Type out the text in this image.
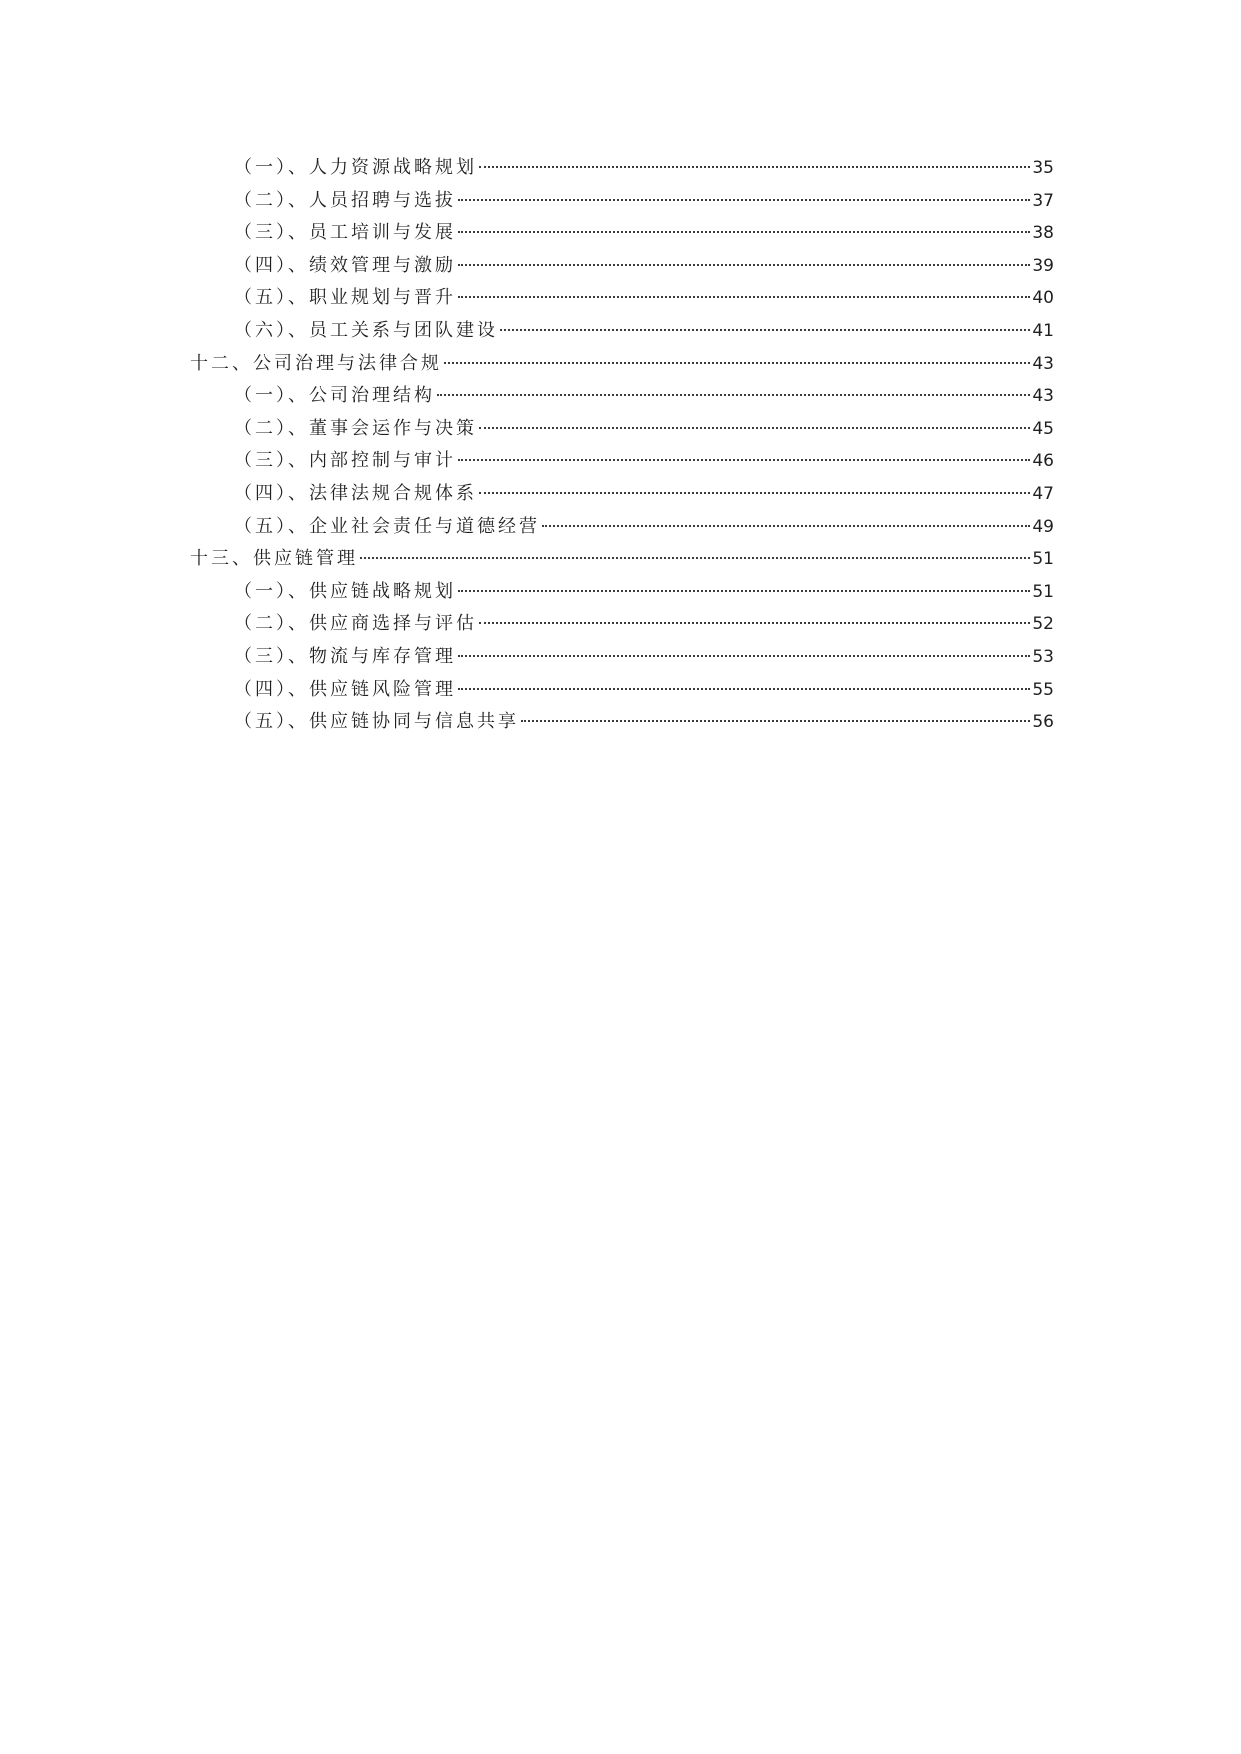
（一）、人力资源战略规划	35
（二）、人员招聘与选拔	37
（三）、员工培训与发展	38
（四）、绩效管理与激励	39
（五）、职业规划与晋升	40
（六）、员工关系与团队建设	41
十二、公司治理与法律合规	43
（一）、公司治理结构	43
（二）、董事会运作与决策	45
（三）、内部控制与审计	46
（四）、法律法规合规体系	47
（五）、企业社会责任与道德经营	49
十三、供应链管理	51
（一）、供应链战略规划	51
（二）、供应商选择与评估	52
（三）、物流与库存管理	53
（四）、供应链风险管理	55
（五）、供应链协同与信息共享	56
